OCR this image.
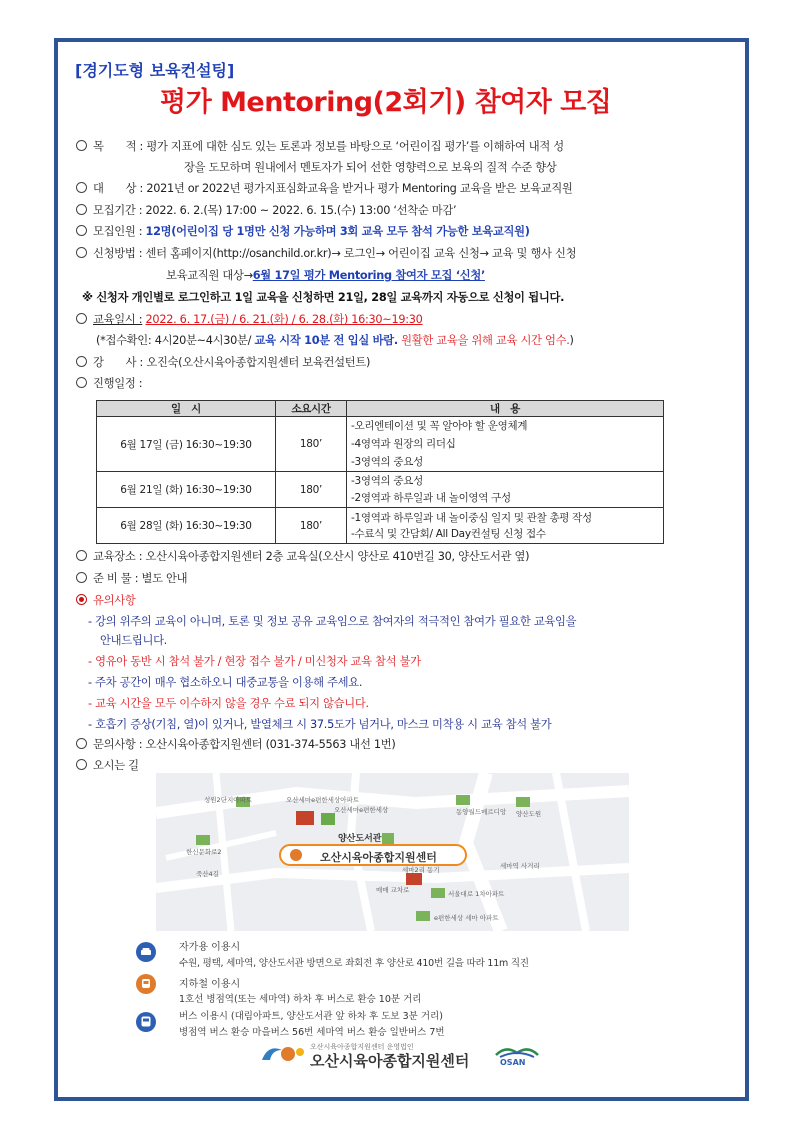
[경기도형 보육컨설팅]
평가 Mentoring(2회기) 참여자 모집
목　　적 : 평가 지표에 대한 심도 있는 토론과 정보를 바탕으로 ‘어린이집 평가’를 이해하여 내적 성
장을 도모하며 원내에서 멘토자가 되어 선한 영향력으로 보육의 질적 수준 향상
대　　상 : 2021년 or 2022년 평가지표심화교육을 받거나 평가 Mentoring 교육을 받은 보육교직원
모집기간 : 2022. 6. 2.(목) 17:00 ~ 2022. 6. 15.(수) 13:00 ‘선착순 마감’
모집인원 : 12명(어린이집 당 1명만 신청 가능하며 3회 교육 모두 참석 가능한 보육교직원)
신청방법 : 센터 홈페이지(http://osanchild.or.kr)→ 로그인→ 어린이집 교육 신청→ 교육 및 행사 신청
보육교직원 대상→6월 17일 평가 Mentoring 참여자 모집 ‘신청’
※ 신청자 개인별로 로그인하고 1일 교육을 신청하면 21일, 28일 교육까지 자동으로 신청이 됩니다.
교육일시 : 2022. 6. 17.(금) / 6. 21.(화) / 6. 28.(화) 16:30~19:30
(*접수확인: 4시20분~4시30분/ 교육 시작 10분 전 입실 바람. 원활한 교육을 위해 교육 시간 엄수.)
강　　사 : 오진숙(오산시육아종합지원센터 보육컨설턴트)
진행일정 :
일　시	소요시간	내　용
6월 17일 (금) 16:30~19:30	180’	-오리엔테이션 및 꼭 알아야 할 운영체계
-4영역과 원장의 리더십
-3영역의 중요성

6월 21일 (화) 16:30~19:30	180’	-3영역의 중요성
-2영역과 하루일과 내 놀이영역 구성

6월 28일 (화) 16:30~19:30	180’	-1영역과 하루일과 내 놀이중심 일지 및 관찰 총평 작성
-수료식 및 간담회/ All Day컨설팅 신청 접수
교육장소 : 오산시육아종합지원센터 2층 교육실(오산시 양산로 410번길 30, 양산도서관 옆)
준 비 물 : 별도 안내
유의사항
- 강의 위주의 교육이 아니며, 토론 및 정보 공유 교육임으로 참여자의 적극적인 참여가 필요한 교육임을
안내드립니다.
- 영유아 동반 시 참석 불가 / 현장 접수 불가 / 미신청자 교육 참석 불가
- 주차 공간이 매우 협소하오니 대중교통을 이용해 주세요.
- 교육 시간을 모두 이수하지 않을 경우 수료 되지 않습니다.
- 호흡기 증상(기침, 열)이 있거나, 발열체크 시 37.5도가 넘거나, 마스크 미착용 시 교육 참석 불가
문의사항 : 오산시육아종합지원센터 (031-374-5563 내선 1번)
오시는 길
오산시육아종합지원센터
양산도서관
성원2단지아파트	오산세마e편한세상아파트
오산세마e편한세상	동양월드메르디앙 양산도원
한신문화로2
죽산4길
세마역 사거리
세마2리 동기
매매 교차로	서울대로 1차아파트
e편한세상 세마 아파트
자가용 이용시
수원, 평택, 세마역, 양산도서관 방면으로 좌회전 후 양산로 410번 길을 따라 11m 직진
지하철 이용시
1호선 병점역(또는 세마역) 하차 후 버스로 환승 10분 거리
버스 이용시 (대림아파트, 양산도서관 앞 하차 후 도보 3분 거리)
병점역 버스 환승 마을버스 56번 세마역 버스 환승 일반버스 7번
오산시육아종합지원센터 운영법인
오산시육아종합지원센터	OSAN
